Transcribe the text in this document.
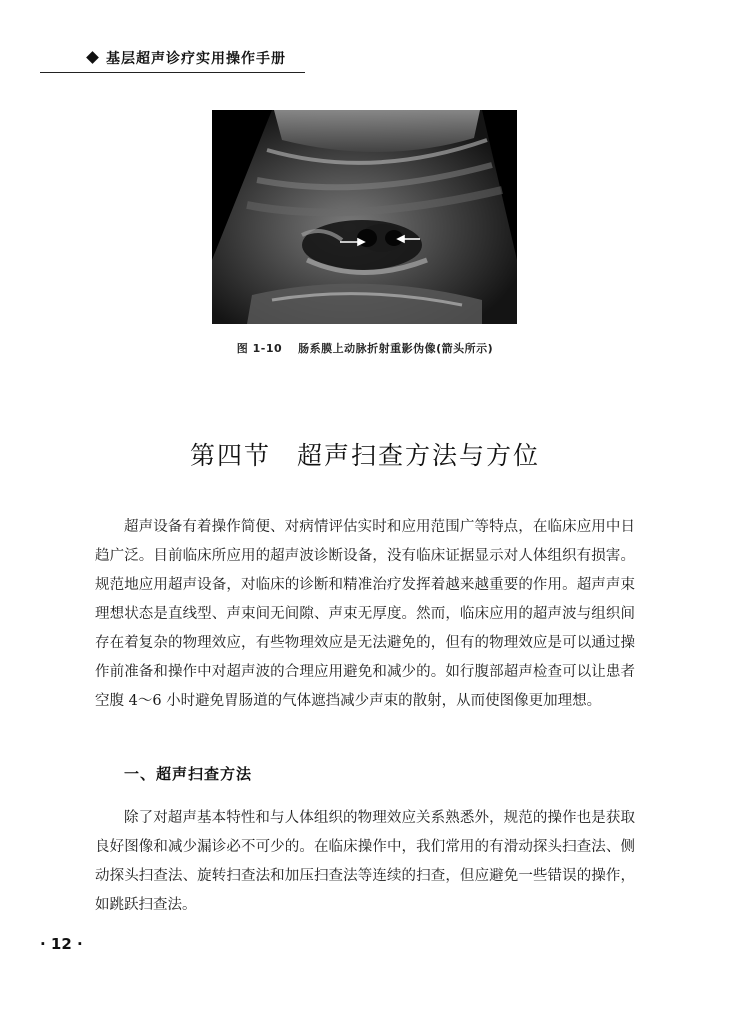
基层超声诊疗实用操作手册
图 1-10 肠系膜上动脉折射重影伪像(箭头所示)
第四节 超声扫查方法与方位

超声设备有着操作简便、对病情评估实时和应用范围广等特点，在临床应用中日趋广泛。目前临床所应用的超声波诊断设备，没有临床证据显示对人体组织有损害。规范地应用超声设备，对临床的诊断和精准治疗发挥着越来越重要的作用。超声声束理想状态是直线型、声束间无间隙、声束无厚度。然而，临床应用的超声波与组织间存在着复杂的物理效应，有些物理效应是无法避免的，但有的物理效应是可以通过操作前准备和操作中对超声波的合理应用避免和减少的。如行腹部超声检查可以让患者空腹 4～6 小时避免胃肠道的气体遮挡减少声束的散射，从而使图像更加理想。

一、超声扫查方法

除了对超声基本特性和与人体组织的物理效应关系熟悉外，规范的操作也是获取良好图像和减少漏诊必不可少的。在临床操作中，我们常用的有滑动探头扫查法、侧动探头扫查法、旋转扫查法和加压扫查法等连续的扫查，但应避免一些错误的操作，如跳跃扫查法。

· 12 ·
